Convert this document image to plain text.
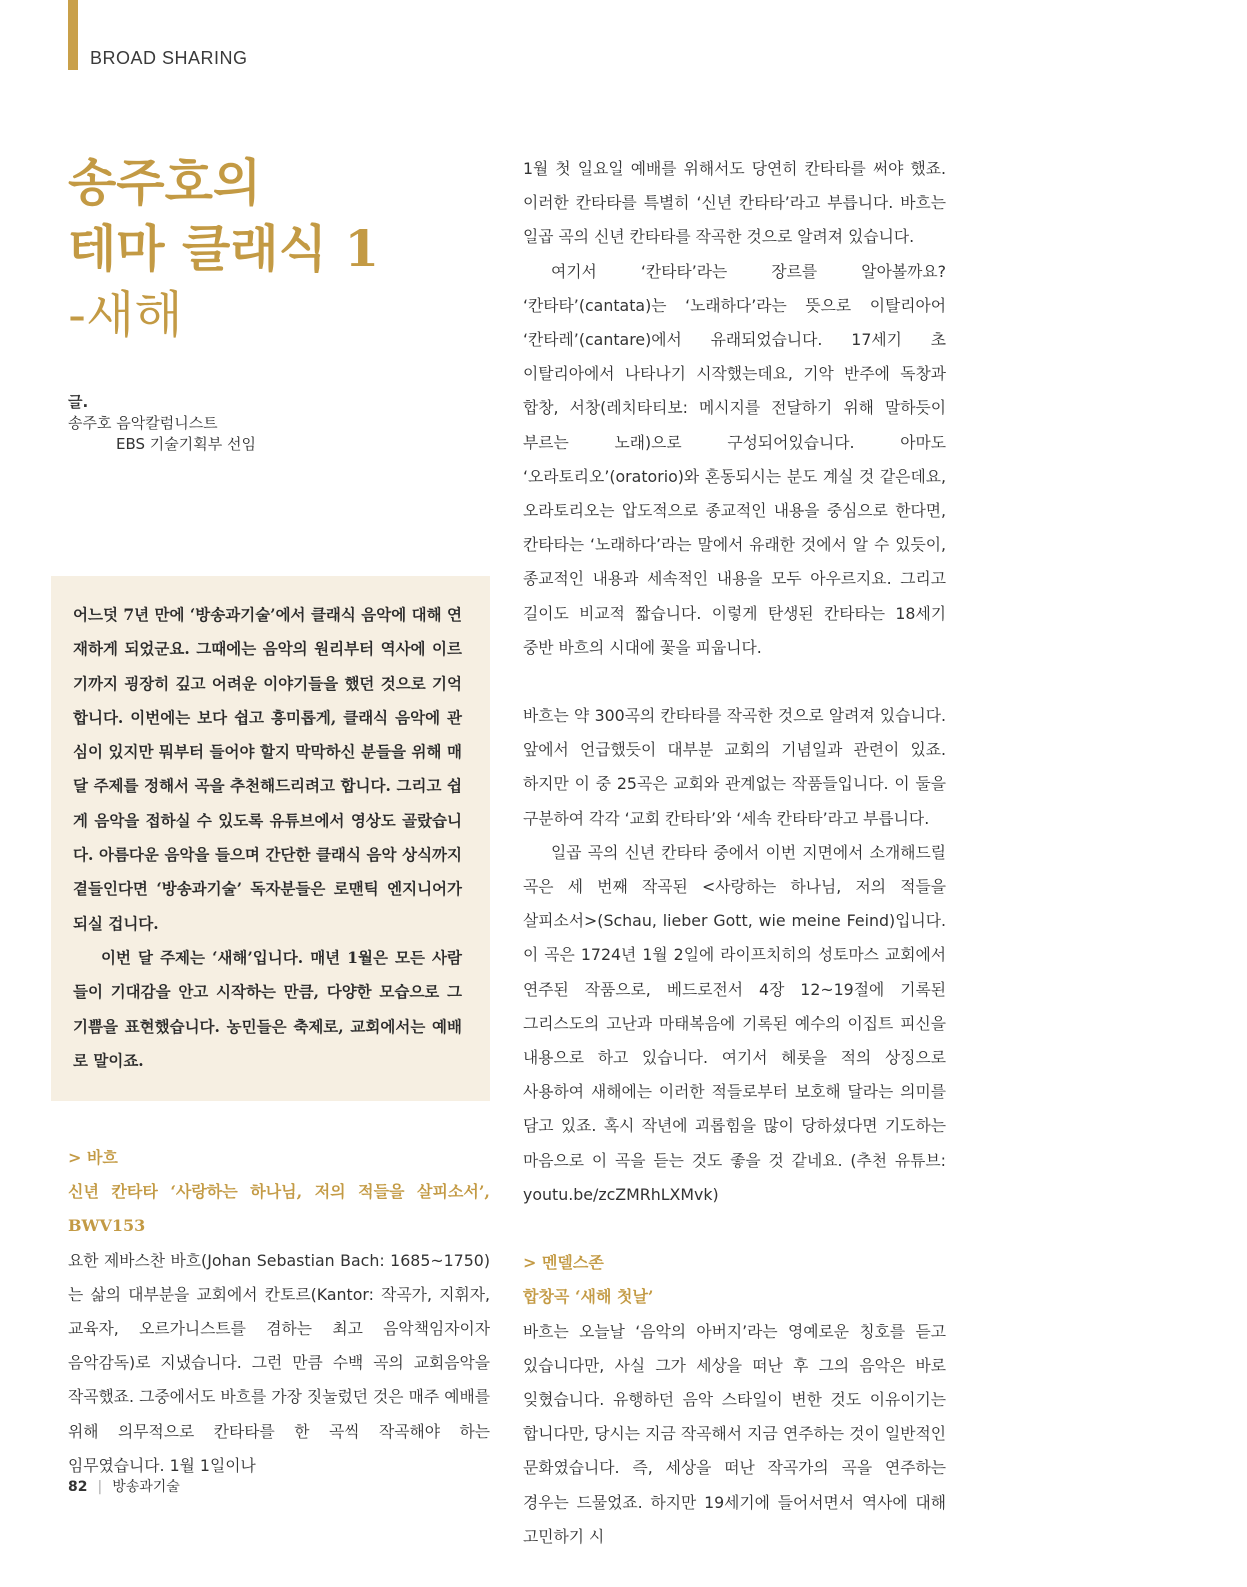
BROAD SHARING
송주호의
테마 클래식 1
-새해
글.
송주호 음악칼럼니스트
EBS 기술기획부 선임

어느덧 7년 만에 ‘방송과기술’에서 클래식 음악에 대해 연재하게 되었군요. 그때에는 음악의 원리부터 역사에 이르기까지 굉장히 깊고 어려운 이야기들을 했던 것으로 기억합니다. 이번에는 보다 쉽고 흥미롭게, 클래식 음악에 관심이 있지만 뭐부터 들어야 할지 막막하신 분들을 위해 매달 주제를 정해서 곡을 추천해드리려고 합니다. 그리고 쉽게 음악을 접하실 수 있도록 유튜브에서 영상도 골랐습니다. 아름다운 음악을 들으며 간단한 클래식 음악 상식까지 곁들인다면 ‘방송과기술’ 독자분들은 로맨틱 엔지니어가 되실 겁니다.

이번 달 주제는 ‘새해’입니다. 매년 1월은 모든 사람들이 기대감을 안고 시작하는 만큼, 다양한 모습으로 그 기쁨을 표현했습니다. 농민들은 축제로, 교회에서는 예배로 말이죠.

> 바흐
신년 칸타타 ‘사랑하는 하나님, 저의 적들을 살피소서’, BWV153

요한 제바스찬 바흐(Johan Sebastian Bach: 1685~1750)는 삶의 대부분을 교회에서 칸토르(Kantor: 작곡가, 지휘자, 교육자, 오르가니스트를 겸하는 최고 음악책임자이자 음악감독)로 지냈습니다. 그런 만큼 수백 곡의 교회음악을 작곡했죠. 그중에서도 바흐를 가장 짓눌렀던 것은 매주 예배를 위해 의무적으로 칸타타를 한 곡씩 작곡해야 하는 임무였습니다. 1월 1일이나

1월 첫 일요일 예배를 위해서도 당연히 칸타타를 써야 했죠. 이러한 칸타타를 특별히 ‘신년 칸타타’라고 부릅니다. 바흐는 일곱 곡의 신년 칸타타를 작곡한 것으로 알려져 있습니다.

여기서 ‘칸타타’라는 장르를 알아볼까요? ‘칸타타’(cantata)는 ‘노래하다’라는 뜻으로 이탈리아어 ‘칸타레’(cantare)에서 유래되었습니다. 17세기 초 이탈리아에서 나타나기 시작했는데요, 기악 반주에 독창과 합창, 서창(레치타티보: 메시지를 전달하기 위해 말하듯이 부르는 노래)으로 구성되어있습니다. 아마도 ‘오라토리오’(oratorio)와 혼동되시는 분도 계실 것 같은데요, 오라토리오는 압도적으로 종교적인 내용을 중심으로 한다면, 칸타타는 ‘노래하다’라는 말에서 유래한 것에서 알 수 있듯이, 종교적인 내용과 세속적인 내용을 모두 아우르지요. 그리고 길이도 비교적 짧습니다. 이렇게 탄생된 칸타타는 18세기 중반 바흐의 시대에 꽃을 피웁니다.

바흐는 약 300곡의 칸타타를 작곡한 것으로 알려져 있습니다. 앞에서 언급했듯이 대부분 교회의 기념일과 관련이 있죠. 하지만 이 중 25곡은 교회와 관계없는 작품들입니다. 이 둘을 구분하여 각각 ‘교회 칸타타’와 ‘세속 칸타타’라고 부릅니다.

일곱 곡의 신년 칸타타 중에서 이번 지면에서 소개해드릴 곡은 세 번째 작곡된 <사랑하는 하나님, 저의 적들을 살피소서>(Schau, lieber Gott, wie meine Feind)입니다. 이 곡은 1724년 1월 2일에 라이프치히의 성토마스 교회에서 연주된 작품으로, 베드로전서 4장 12~19절에 기록된 그리스도의 고난과 마태복음에 기록된 예수의 이집트 피신을 내용으로 하고 있습니다. 여기서 헤롯을 적의 상징으로 사용하여 새해에는 이러한 적들로부터 보호해 달라는 의미를 담고 있죠. 혹시 작년에 괴롭힘을 많이 당하셨다면 기도하는 마음으로 이 곡을 듣는 것도 좋을 것 같네요. (추천 유튜브: youtu.be/zcZMRhLXMvk)

> 멘델스존
합창곡 ‘새해 첫날’

바흐는 오늘날 ‘음악의 아버지’라는 영예로운 칭호를 듣고 있습니다만, 사실 그가 세상을 떠난 후 그의 음악은 바로 잊혔습니다. 유행하던 음악 스타일이 변한 것도 이유이기는 합니다만, 당시는 지금 작곡해서 지금 연주하는 것이 일반적인 문화였습니다. 즉, 세상을 떠난 작곡가의 곡을 연주하는 경우는 드물었죠. 하지만 19세기에 들어서면서 역사에 대해 고민하기 시

82 | 방송과기술
